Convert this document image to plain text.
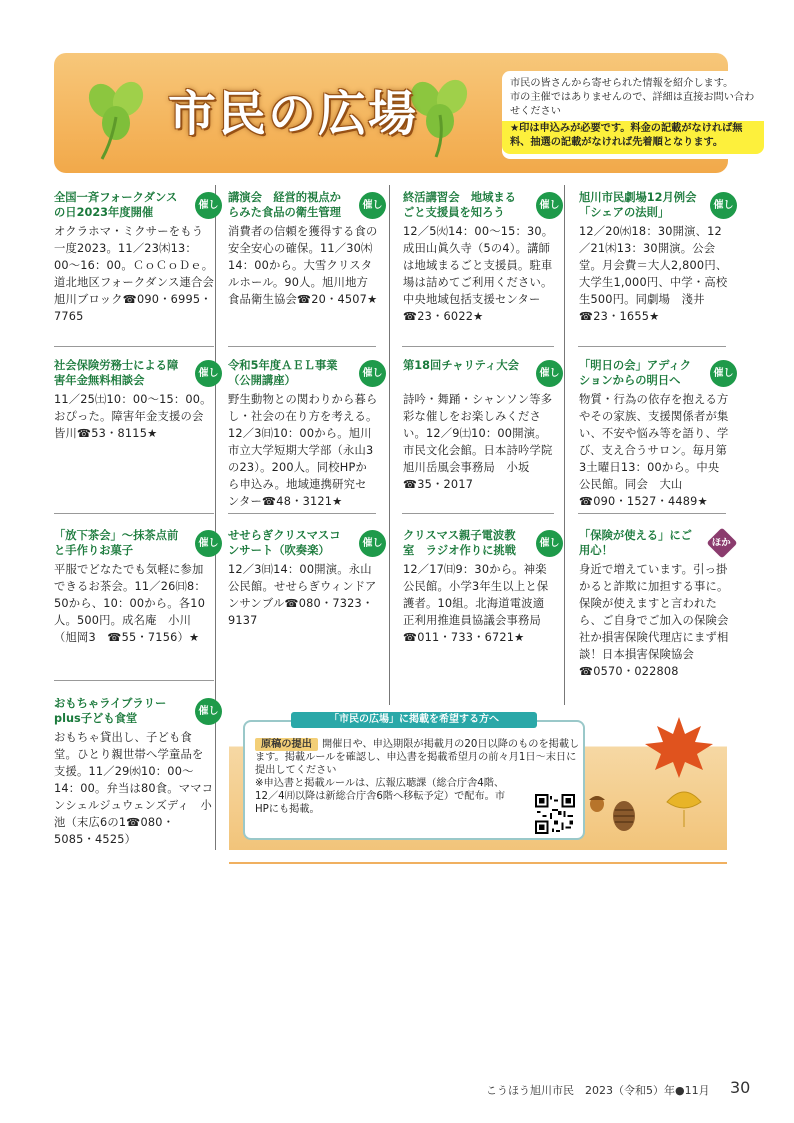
市民の広場
市民の皆さんから寄せられた情報を紹介します。
市の主催ではありませんので、詳細は直接お問い合わせください
★印は申込みが必要です。料金の記載がなければ無料、抽選の記載がなければ先着順となります。
催し
全国一斉フォークダンスの日2023年度開催
オクラホマ・ミクサーをもう一度2023。11／23㈭13：00〜16：00。ＣｏＣｏＤｅ。道北地区フォークダンス連合会旭川ブロック☎090・6995・7765
催し
講演会　経営的視点からみた食品の衛生管理
消費者の信頼を獲得する食の安全安心の確保。11／30㈭14：00から。大雪クリスタルホール。90人。旭川地方食品衛生協会☎20・4507★
催し
終活講習会　地域まるごと支援員を知ろう
12／5㈫14：00〜15：30。成田山眞久寺（5の4）。講師は地域まるごと支援員。駐車場は詰めてご利用ください。中央地域包括支援センター☎23・6022★
催し
旭川市民劇場12月例会「シェアの法則」
12／20㈬18：30開演、12／21㈭13：30開演。公会堂。月会費＝大人2,800円、大学生1,000円、中学・高校生500円。同劇場　淺井☎23・1655★
催し
社会保険労務士による障害年金無料相談会
11／25㈯10：00〜15：00。おぴった。障害年金支援の会　皆川☎53・8115★
催し
令和5年度ＡＥＬ事業（公開講座）
野生動物との関わりから暮らし・社会の在り方を考える。12／3㈰10：00から。旭川市立大学短期大学部（永山3の23）。200人。同校HPから申込み。地域連携研究センター☎48・3121★
催し
第18回チャリティ大会
詩吟・舞踊・シャンソン等多彩な催しをお楽しみください。12／9㈯10：00開演。市民文化会館。日本詩吟学院旭川岳風会事務局　小坂☎35・2017
催し
「明日の会」アディクションからの明日へ
物質・行為の依存を抱える方やその家族、支援関係者が集い、不安や悩み等を語り、学び、支え合うサロン。毎月第3土曜日13：00から。中央公民館。同会　大山☎090・1527・4489★
催し
「放下茶会」〜抹茶点前と手作りお菓子
平服でどなたでも気軽に参加できるお茶会。11／26㈰8：50から、10：00から。各10人。500円。成名庵　小川（旭岡3　☎55・7156）★
催し
せせらぎクリスマスコンサート（吹奏楽）
12／3㈰14：00開演。永山公民館。せせらぎウィンドアンサンブル☎080・7323・9137
催し
クリスマス親子電波教室　ラジオ作りに挑戦
12／17㈰9：30から。神楽公民館。小学3年生以上と保護者。10組。北海道電波適正利用推進員協議会事務局☎011・733・6721★
ほか
「保険が使える」にご用心！
身近で増えています。引っ掛かると詐欺に加担する事に。保険が使えますと言われたら、ご自身でご加入の保険会社か損害保険代理店にまず相談！日本損害保険協会☎0570・022808
催し
おもちゃライブラリーplus子ども食堂
おもちゃ貸出し、子ども食堂。ひとり親世帯へ学童品を支援。11／29㈬10：00〜14：00。弁当は80食。ママコンシェルジュウェンズディ　小池（末広6の1☎080・5085・4525）
「市民の広場」に掲載を希望する方へ
原稿の提出 開催日や、申込期限が掲載月の20日以降のものを掲載します。掲載ルールを確認し、申込書を掲載希望月の前々月1日〜末日に提出してください
※申込書と掲載ルールは、広報広聴課（総合庁舎4階、12／4㈪以降は新総合庁舎6階へ移転予定）で配布。市HPにも掲載。
こうほう旭川市民　2023（令和5）年●11月 30
